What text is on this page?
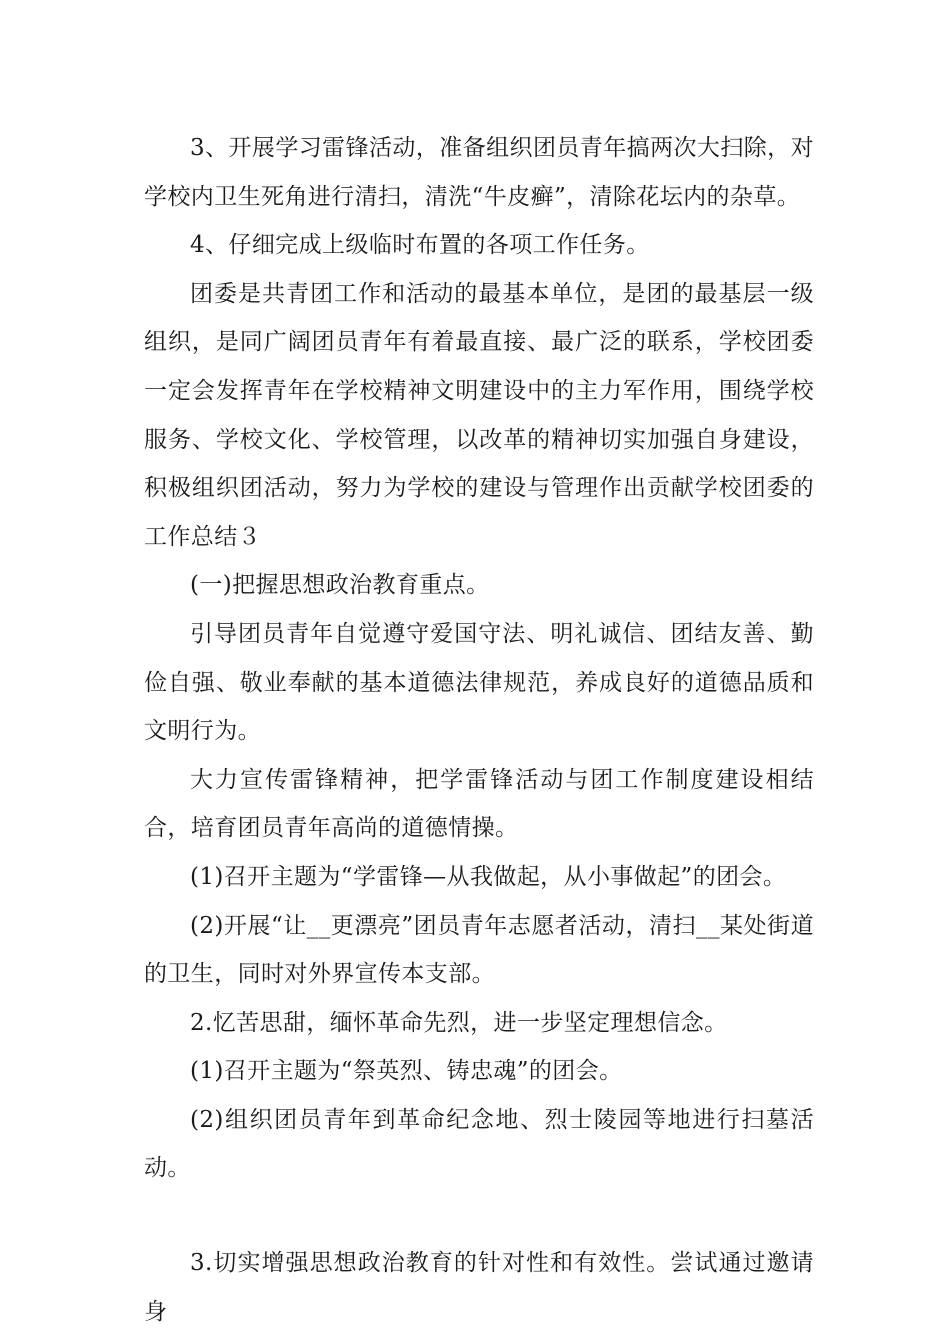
3、开展学习雷锋活动，准备组织团员青年搞两次大扫除，对学校内卫生死角进行清扫，清洗“牛皮癣”，清除花坛内的杂草。

4、仔细完成上级临时布置的各项工作任务。

团委是共青团工作和活动的最基本单位，是团的最基层一级组织，是同广阔团员青年有着最直接、最广泛的联系，学校团委一定会发挥青年在学校精神文明建设中的主力军作用，围绕学校服务、学校文化、学校管理，以改革的精神切实加强自身建设，积极组织团活动，努力为学校的建设与管理作出贡献学校团委的工作总结３

(一)把握思想政治教育重点。

引导团员青年自觉遵守爱国守法、明礼诚信、团结友善、勤俭自强、敬业奉献的基本道德法律规范，养成良好的道德品质和文明行为。

大力宣传雷锋精神，把学雷锋活动与团工作制度建设相结合，培育团员青年高尚的道德情操。

(1)召开主题为“学雷锋—从我做起，从小事做起”的团会。

(2)开展“让__更漂亮”团员青年志愿者活动，清扫__某处街道的卫生，同时对外界宣传本支部。

2.忆苦思甜，缅怀革命先烈，进一步坚定理想信念。

(1)召开主题为“祭英烈、铸忠魂”的团会。

(2)组织团员青年到革命纪念地、烈士陵园等地进行扫墓活动。

3.切实增强思想政治教育的针对性和有效性。尝试通过邀请身
